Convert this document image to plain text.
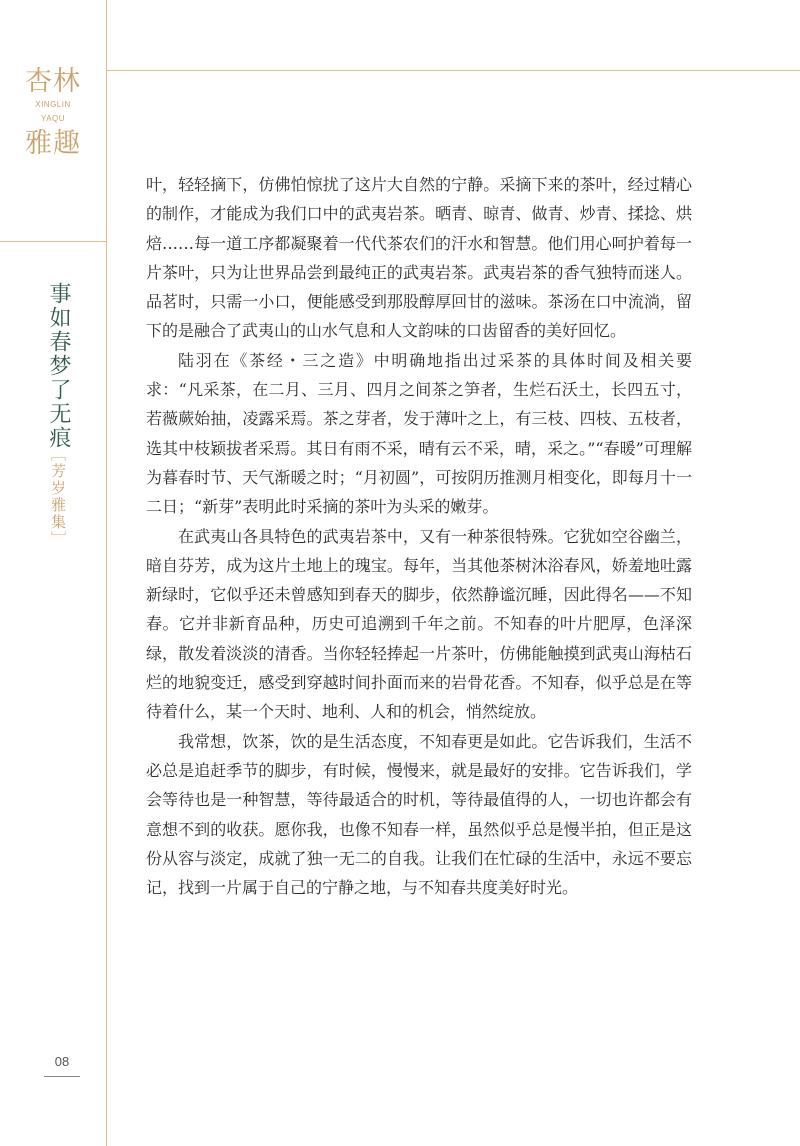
杏林
XINGLIN
YAQU
雅趣
事如春梦了无痕
［芳岁雅集］

叶，轻轻摘下，仿佛怕惊扰了这片大自然的宁静。采摘下来的茶叶，经过精心的制作，才能成为我们口中的武夷岩茶。晒青、晾青、做青、炒青、揉捻、烘焙……每一道工序都凝聚着一代代茶农们的汗水和智慧。他们用心呵护着每一片茶叶，只为让世界品尝到最纯正的武夷岩茶。武夷岩茶的香气独特而迷人。品茗时，只需一小口，便能感受到那股醇厚回甘的滋味。茶汤在口中流淌，留下的是融合了武夷山的山水气息和人文韵味的口齿留香的美好回忆。

陆羽在《茶经・三之造》中明确地指出过采茶的具体时间及相关要求：“凡采茶，在二月、三月、四月之间茶之笋者，生烂石沃土，长四五寸，若薇蕨始抽，凌露采焉。茶之芽者，发于薄叶之上，有三枝、四枝、五枝者，选其中枝颖拔者采焉。其日有雨不采，晴有云不采，晴，采之。”“春暖”可理解为暮春时节、天气渐暖之时；“月初圆”，可按阴历推测月相变化，即每月十一二日；“新芽”表明此时采摘的茶叶为头采的嫩芽。

在武夷山各具特色的武夷岩茶中，又有一种茶很特殊。它犹如空谷幽兰，暗自芬芳，成为这片土地上的瑰宝。每年，当其他茶树沐浴春风，娇羞地吐露新绿时，它似乎还未曾感知到春天的脚步，依然静谧沉睡，因此得名——不知春。它并非新育品种，历史可追溯到千年之前。不知春的叶片肥厚，色泽深绿，散发着淡淡的清香。当你轻轻捧起一片茶叶，仿佛能触摸到武夷山海枯石烂的地貌变迁，感受到穿越时间扑面而来的岩骨花香。不知春，似乎总是在等待着什么，某一个天时、地利、人和的机会，悄然绽放。

我常想，饮茶，饮的是生活态度，不知春更是如此。它告诉我们，生活不必总是追赶季节的脚步，有时候，慢慢来，就是最好的安排。它告诉我们，学会等待也是一种智慧，等待最适合的时机，等待最值得的人，一切也许都会有意想不到的收获。愿你我，也像不知春一样，虽然似乎总是慢半拍，但正是这份从容与淡定，成就了独一无二的自我。让我们在忙碌的生活中，永远不要忘记，找到一片属于自己的宁静之地，与不知春共度美好时光。

08
